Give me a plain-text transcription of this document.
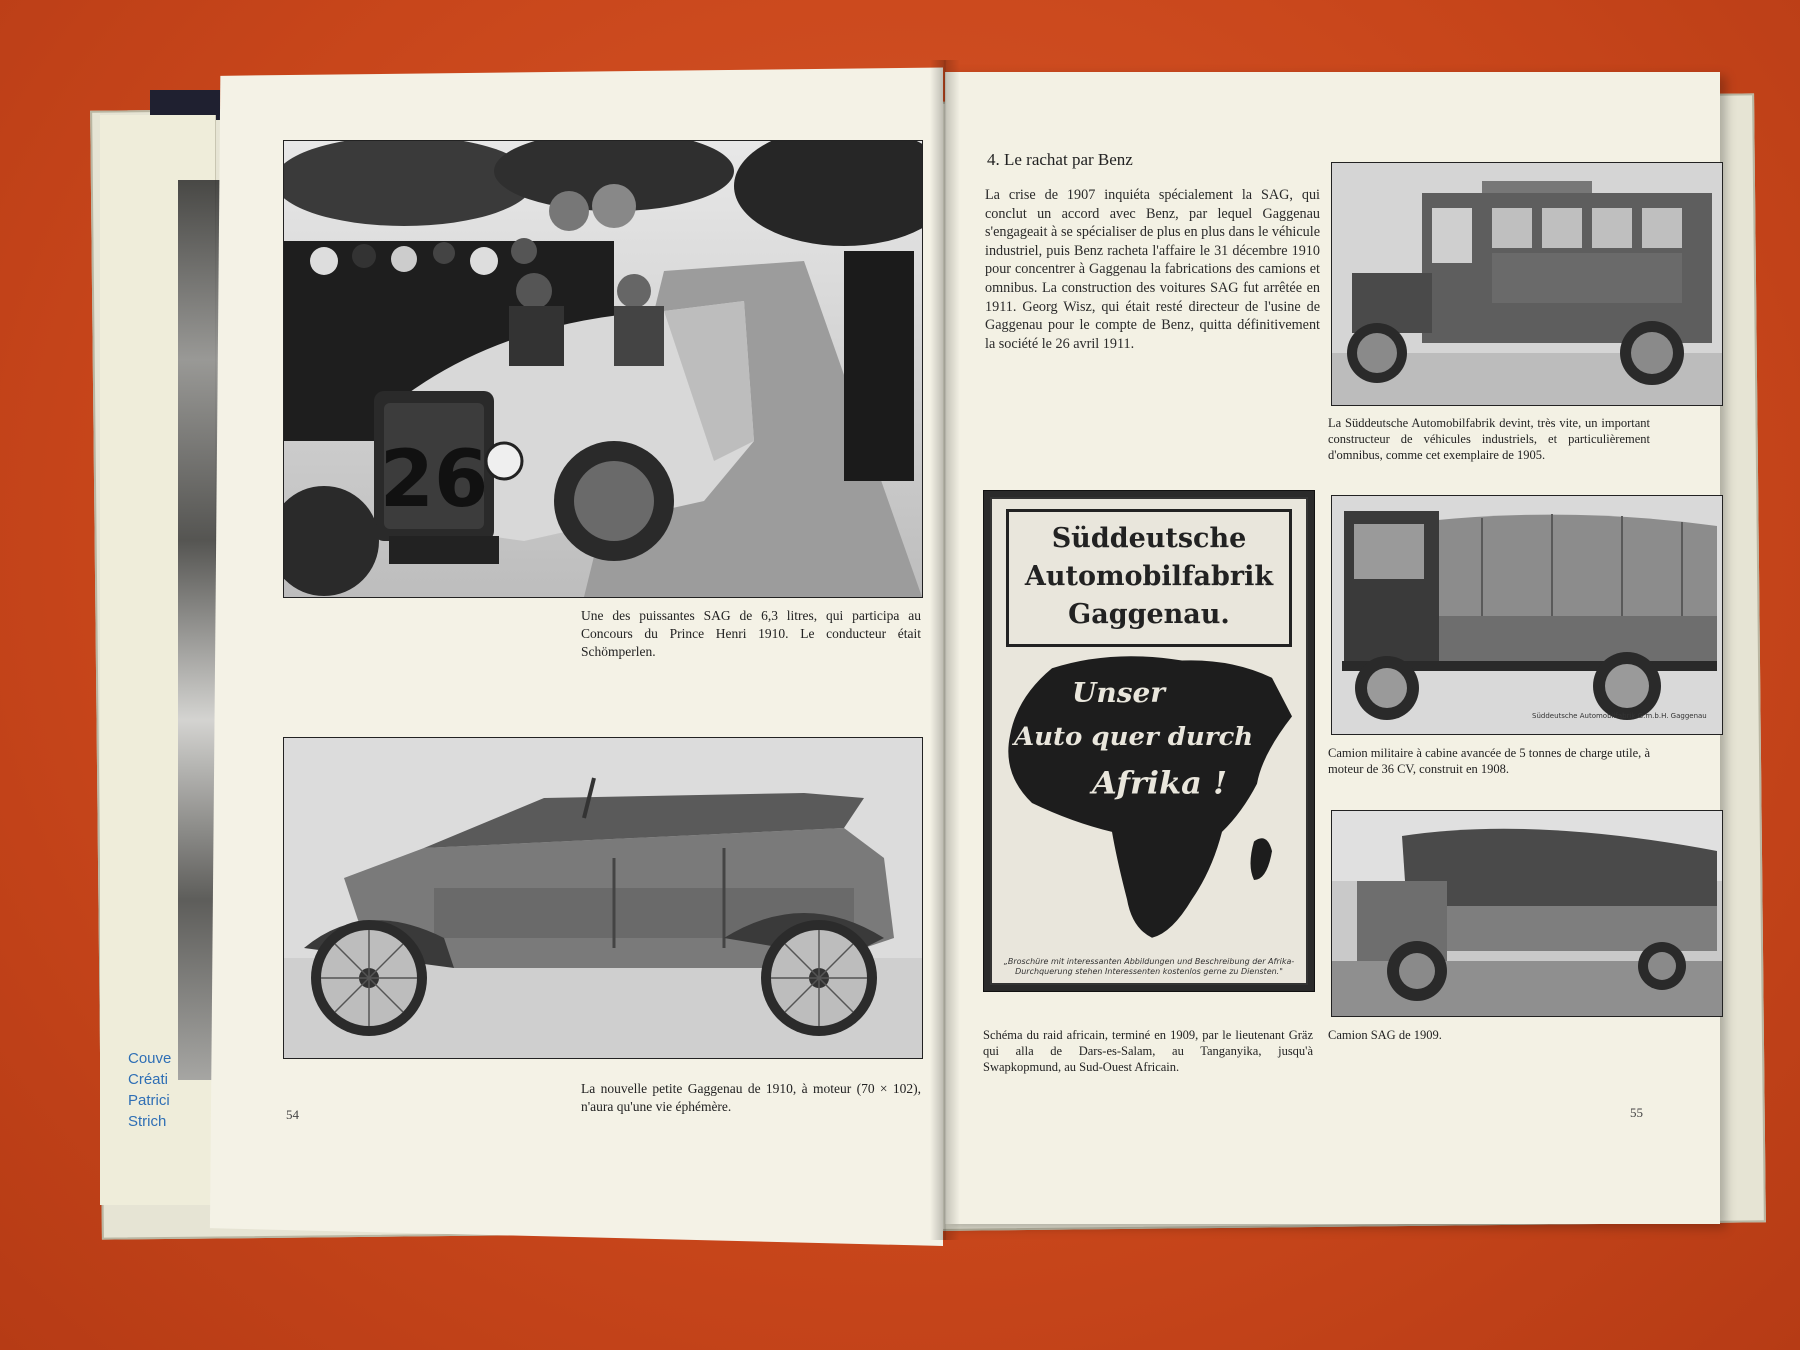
Couve
Créati
Patrici
Strich
26
Une des puissantes SAG de 6,3 litres, qui participa au Concours du Prince Henri 1910. Le conducteur était Schömperlen.
La nouvelle petite Gaggenau de 1910, à moteur (70 × 102), n'aura qu'une vie éphémère.
54
4. Le rachat par Benz
La crise de 1907 inquiéta spécialement la SAG, qui conclut un accord avec Benz, par lequel Gaggenau s'engageait à se spécialiser de plus en plus dans le véhicule industriel, puis Benz racheta l'affaire le 31 décembre 1910 pour concentrer à Gaggenau la fabrications des camions et omnibus. La construction des voitures SAG fut arrêtée en 1911. Georg Wisz, qui était resté directeur de l'usine de Gaggenau pour le compte de Benz, quitta définitivement la société le 26 avril 1911.
La Süddeutsche Automobilfabrik devint, très vite, un important constructeur de véhicules industriels, et particulièrement d'omnibus, comme cet exemplaire de 1905.
Süddeutsche Automobilfabrik G.m.b.H. Gaggenau
Camion militaire à cabine avancée de 5 tonnes de charge utile, à moteur de 36 CV, construit en 1908.
Camion SAG de 1909.
Süddeutsche
Automobilfabrik
Gaggenau.
Unser
Auto quer durch
Afrika !
„Broschüre mit interessanten Abbildungen und Beschreibung der Afrika-Durchquerung stehen Interessenten kostenlos gerne zu Diensten."
Schéma du raid africain, terminé en 1909, par le lieutenant Gräz qui alla de Dars-es-Salam, au Tanganyika, jusqu'à Swapkopmund, au Sud-Ouest Africain.
55
